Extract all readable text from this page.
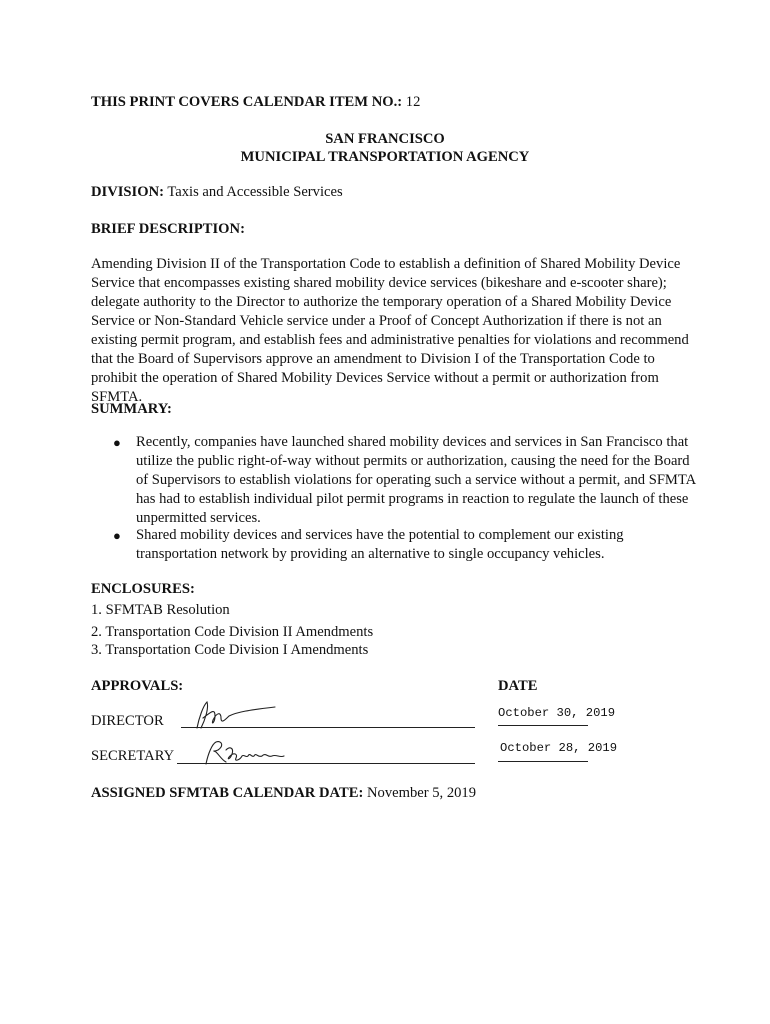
THIS PRINT COVERS CALENDAR ITEM NO.: 12
SAN FRANCISCO
MUNICIPAL TRANSPORTATION AGENCY
DIVISION: Taxis and Accessible Services
BRIEF DESCRIPTION:
Amending Division II of the Transportation Code to establish a definition of Shared Mobility Device Service that encompasses existing shared mobility device services (bikeshare and e-scooter share); delegate authority to the Director to authorize the temporary operation of a Shared Mobility Device Service or Non-Standard Vehicle service under a Proof of Concept Authorization if there is not an existing permit program, and establish fees and administrative penalties for violations and recommend that the Board of Supervisors approve an amendment to Division I of the Transportation Code to prohibit the operation of Shared Mobility Devices Service without a permit or authorization from SFMTA.
SUMMARY:
● Recently, companies have launched shared mobility devices and services in San Francisco that utilize the public right-of-way without permits or authorization, causing the need for the Board of Supervisors to establish violations for operating such a service without a permit, and SFMTA has had to establish individual pilot permit programs in reaction to regulate the launch of these unpermitted services.
● Shared mobility devices and services have the potential to complement our existing transportation network by providing an alternative to single occupancy vehicles.
ENCLOSURES:
1. SFMTAB Resolution
2. Transportation Code Division II Amendments
3. Transportation Code Division I Amendments
APPROVALS:	DATE
DIRECTOR	October 30, 2019
SECRETARY	October 28, 2019
ASSIGNED SFMTAB CALENDAR DATE: November 5, 2019
